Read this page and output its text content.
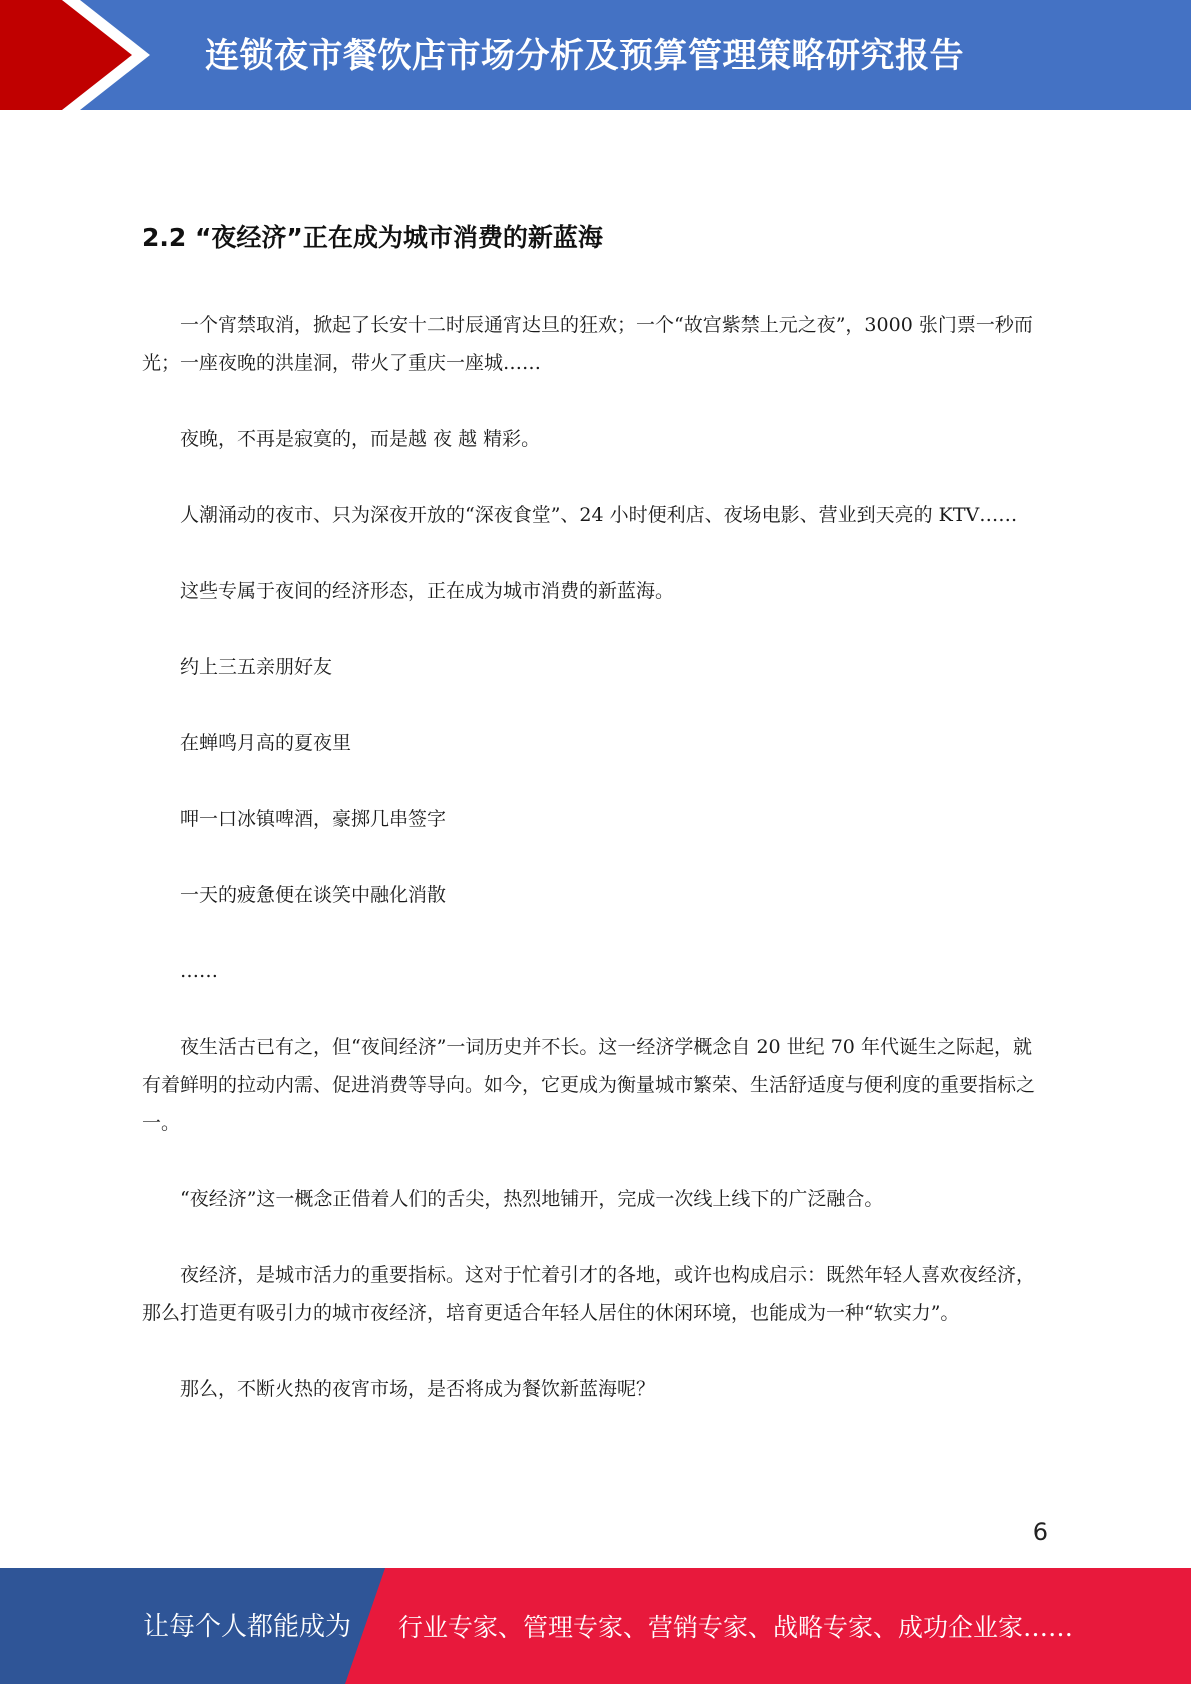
连锁夜市餐饮店市场分析及预算管理策略研究报告
2.2 “夜经济”正在成为城市消费的新蓝海

一个宵禁取消，掀起了长安十二时辰通宵达旦的狂欢；一个“故宫紫禁上元之夜”，3000 张门票一秒而光；一座夜晚的洪崖洞，带火了重庆一座城……

夜晚，不再是寂寞的，而是越 夜 越 精彩。

人潮涌动的夜市、只为深夜开放的“深夜食堂”、24 小时便利店、夜场电影、营业到天亮的 KTV……

这些专属于夜间的经济形态，正在成为城市消费的新蓝海。

约上三五亲朋好友

在蝉鸣月高的夏夜里

呷一口冰镇啤酒，豪掷几串签字

一天的疲惫便在谈笑中融化消散

……

夜生活古已有之，但“夜间经济”一词历史并不长。这一经济学概念自 20 世纪 70 年代诞生之际起，就有着鲜明的拉动内需、促进消费等导向。如今，它更成为衡量城市繁荣、生活舒适度与便利度的重要指标之一。

“夜经济”这一概念正借着人们的舌尖，热烈地铺开，完成一次线上线下的广泛融合。

夜经济，是城市活力的重要指标。这对于忙着引才的各地，或许也构成启示：既然年轻人喜欢夜经济，那么打造更有吸引力的城市夜经济，培育更适合年轻人居住的休闲环境，也能成为一种“软实力”。

那么，不断火热的夜宵市场，是否将成为餐饮新蓝海呢？

6
让每个人都能成为 行业专家、管理专家、营销专家、战略专家、成功企业家……
